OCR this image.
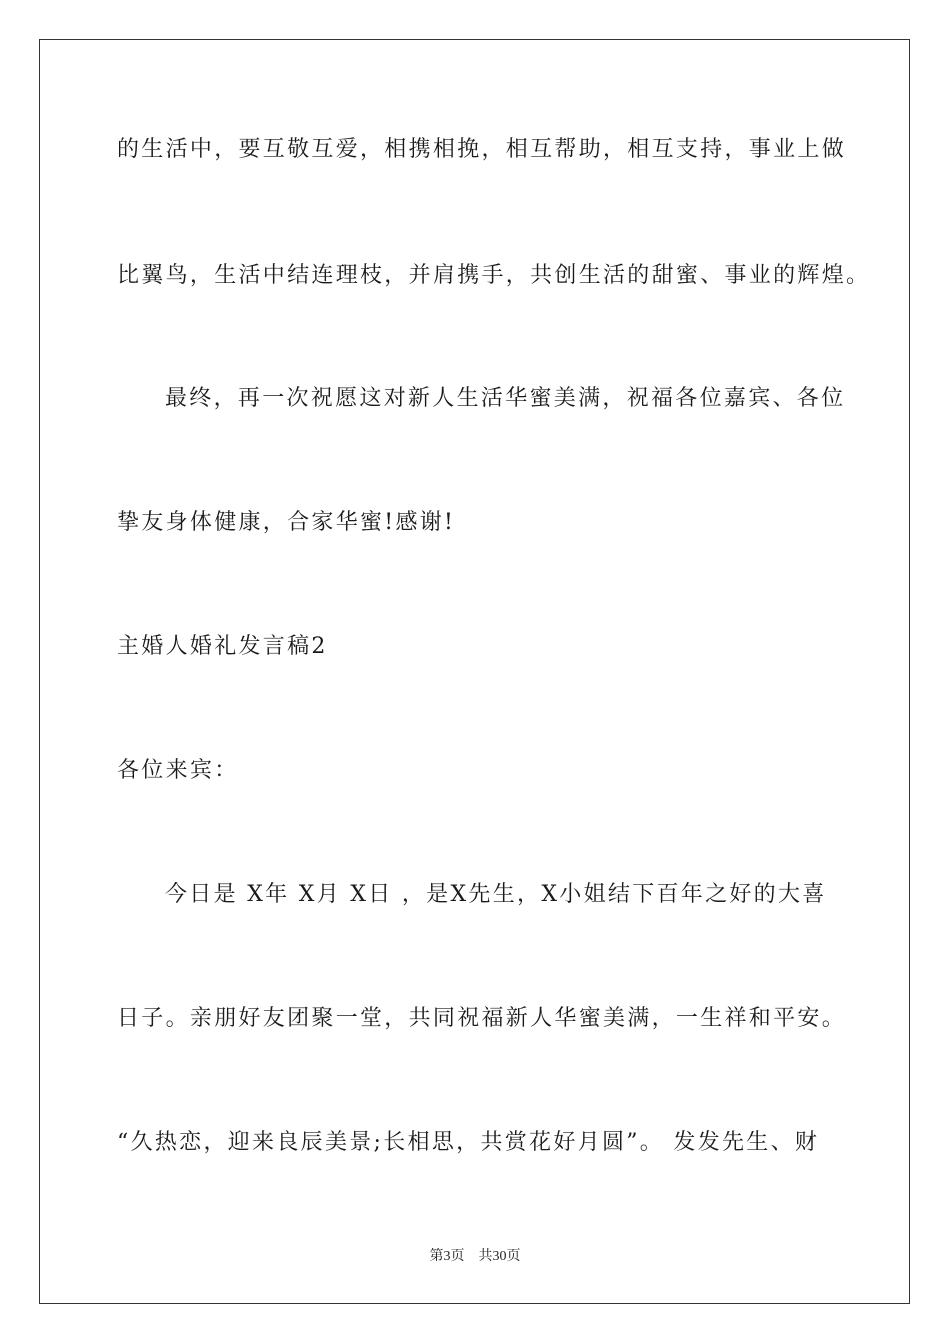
的生活中，要互敬互爱，相携相挽，相互帮助，相互支持，事业上做
比翼鸟，生活中结连理枝，并肩携手，共创生活的甜蜜、事业的辉煌。
最终，再一次祝愿这对新人生活华蜜美满，祝福各位嘉宾、各位
挚友身体健康，合家华蜜!感谢!
主婚人婚礼发言稿2
各位来宾：
今日是 X年 X月 X日 ，是X先生，X小姐结下百年之好的大喜
日子。亲朋好友团聚一堂，共同祝福新人华蜜美满，一生祥和平安。
“久热恋，迎来良辰美景;长相思，共赏花好月圆”。 发发先生、财
第3页　共30页
